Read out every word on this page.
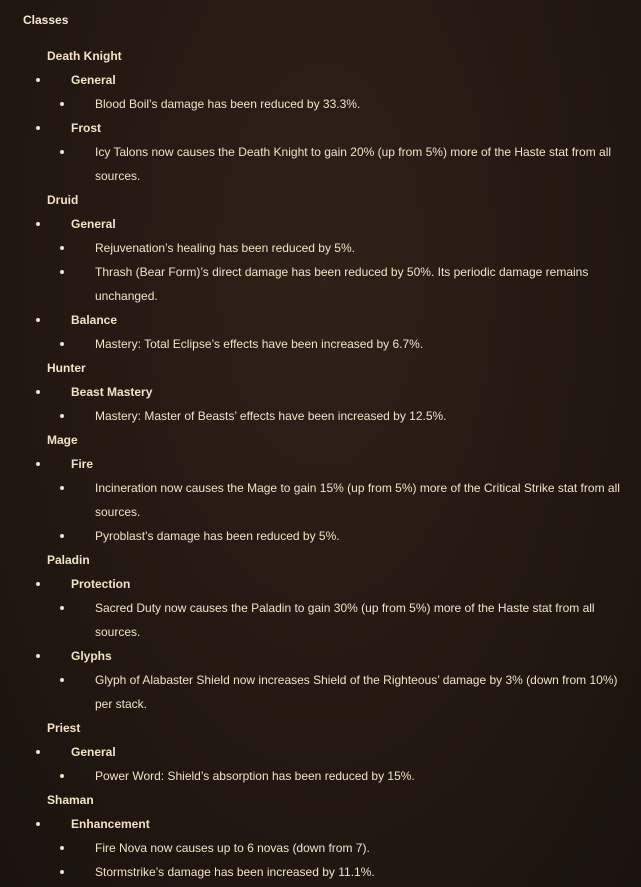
Classes
Death Knight
General
Blood Boil’s damage has been reduced by 33.3%.
Frost
Icy Talons now causes the Death Knight to gain 20% (up from 5%) more of the Haste stat from all sources.
Druid
General
Rejuvenation’s healing has been reduced by 5%.
Thrash (Bear Form)’s direct damage has been reduced by 50%. Its periodic damage remains unchanged.
Balance
Mastery: Total Eclipse’s effects have been increased by 6.7%.
Hunter
Beast Mastery
Mastery: Master of Beasts’ effects have been increased by 12.5%.
Mage
Fire
Incineration now causes the Mage to gain 15% (up from 5%) more of the Critical Strike stat from all sources.
Pyroblast’s damage has been reduced by 5%.
Paladin
Protection
Sacred Duty now causes the Paladin to gain 30% (up from 5%) more of the Haste stat from all sources.
Glyphs
Glyph of Alabaster Shield now increases Shield of the Righteous’ damage by 3% (down from 10%) per stack.
Priest
General
Power Word: Shield’s absorption has been reduced by 15%.
Shaman
Enhancement
Fire Nova now causes up to 6 novas (down from 7).
Stormstrike’s damage has been increased by 11.1%.
